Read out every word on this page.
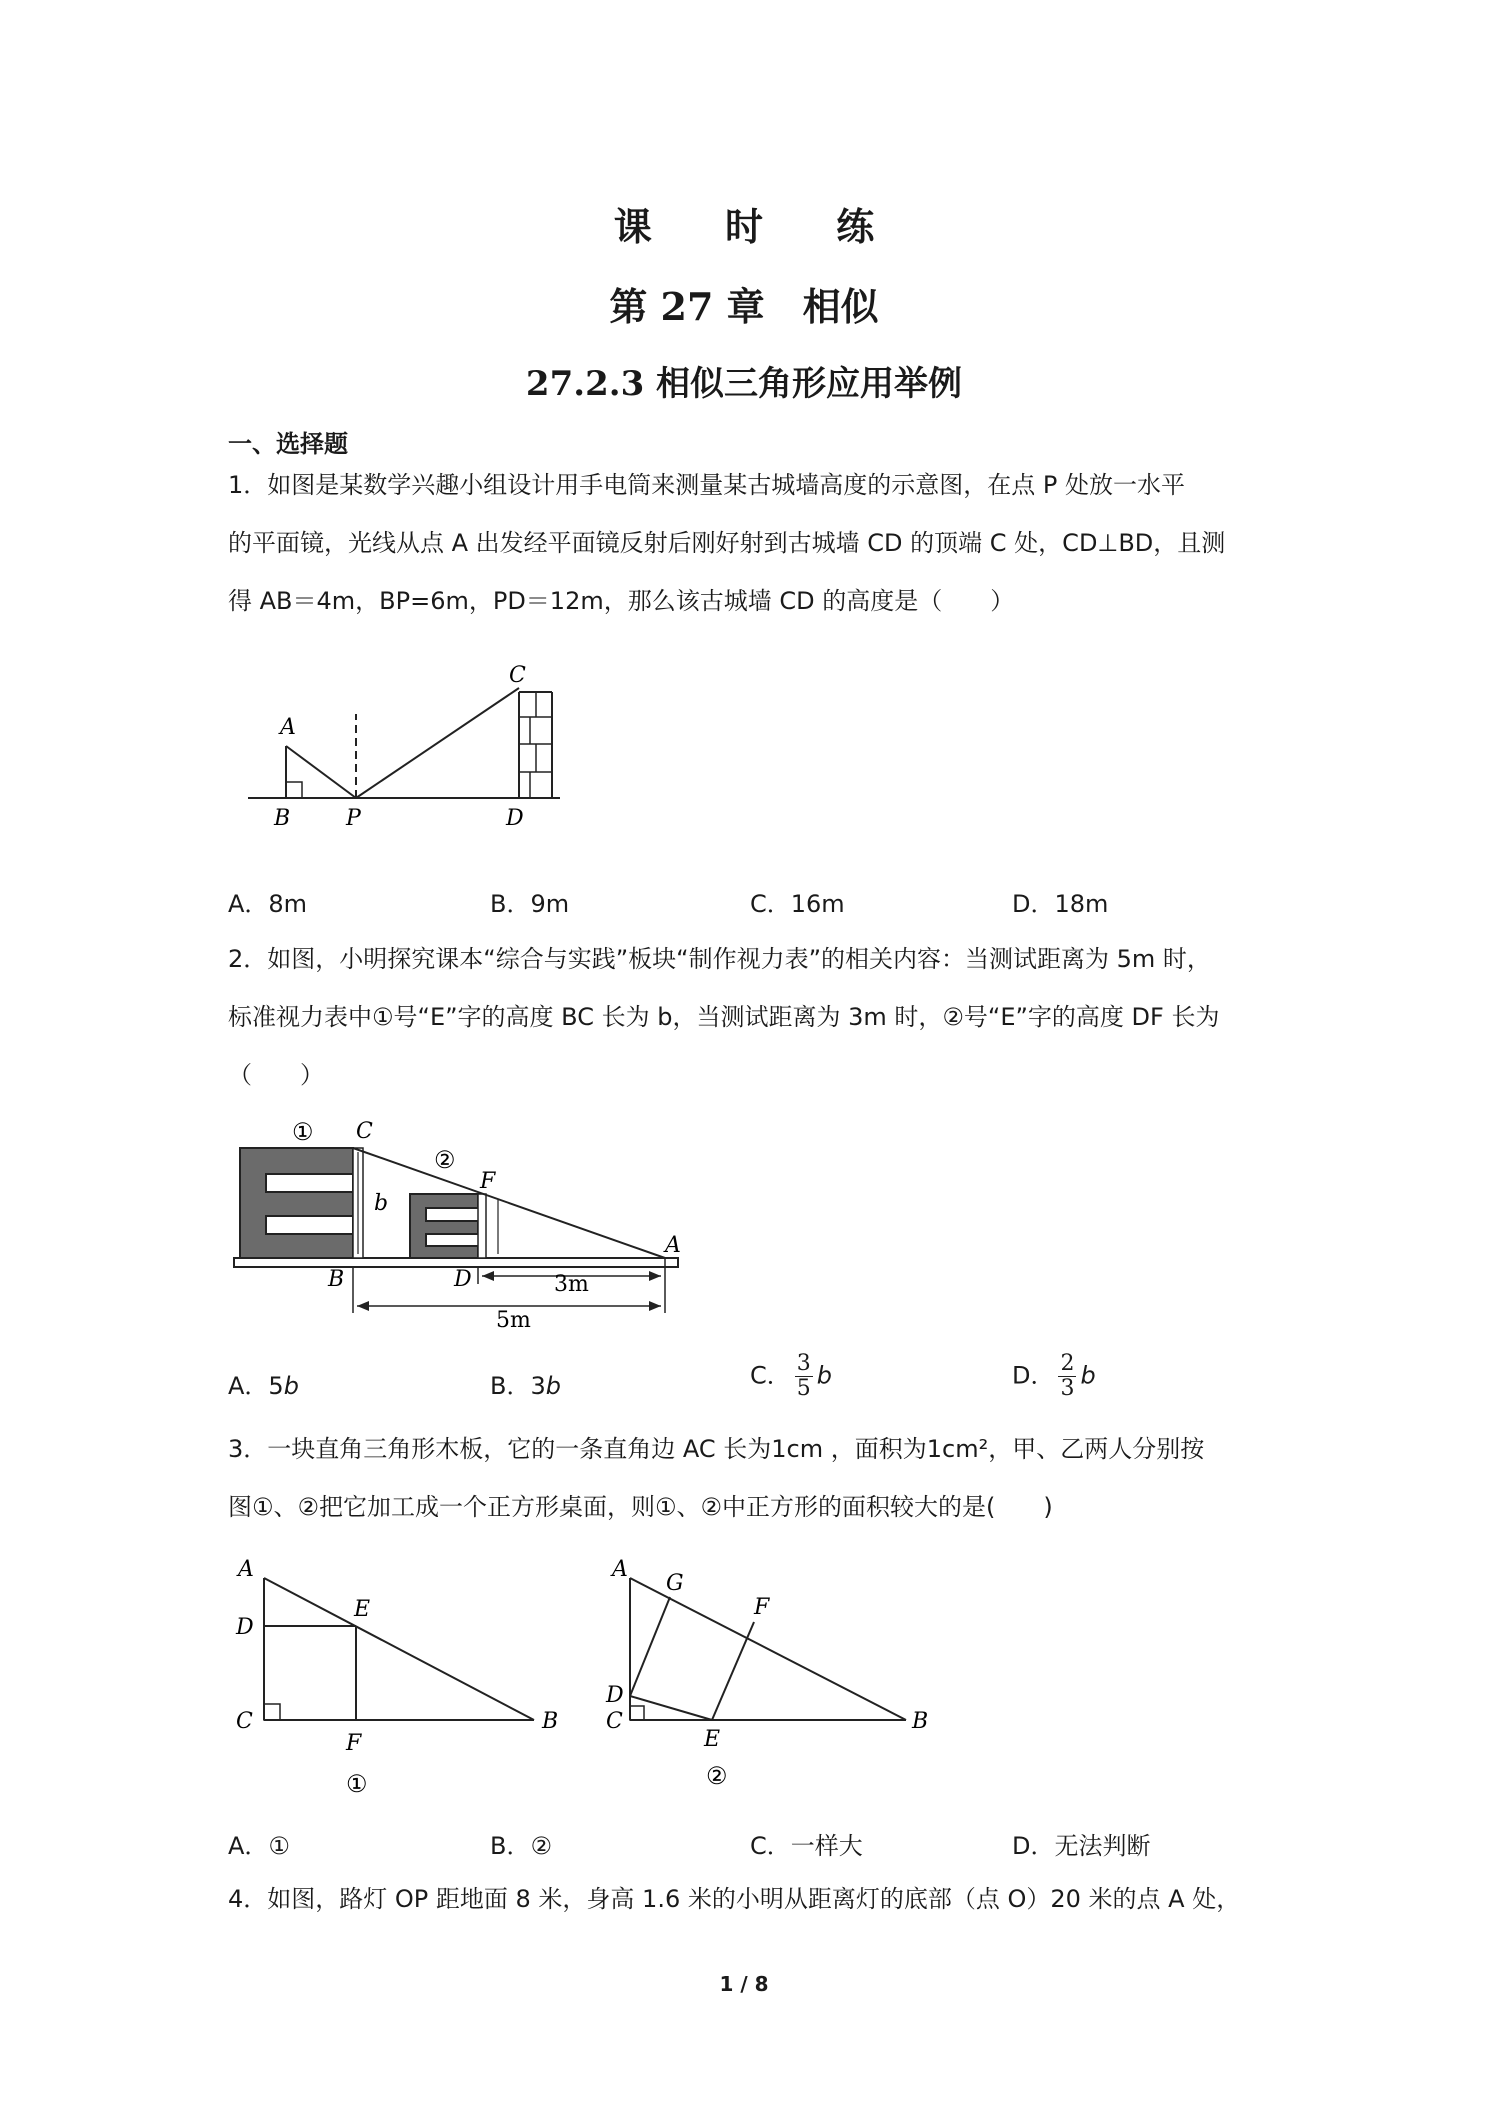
课 时 练
第 27 章　相似
27.2.3 相似三角形应用举例
一、选择题
1．如图是某数学兴趣小组设计用手电筒来测量某古城墙高度的示意图，在点 P 处放一水平
的平面镜，光线从点 A 出发经平面镜反射后刚好射到古城墙 CD 的顶端 C 处，CD⊥BD，且测
得 AB＝4m，BP=6m，PD＝12m，那么该古城墙 CD 的高度是（　　）
A
B	P
C
D
A．8m	B．9m	C．16m	D．18m
2．如图，小明探究课本“综合与实践”板块“制作视力表”的相关内容：当测试距离为 5m 时，
标准视力表中①号“E”字的高度 BC 长为 b，当测试距离为 3m 时，②号“E”字的高度 DF 长为
（　　）
① C
②
F
b
B	D
A
3m
5m
A．5b	B．3b	C． $\frac{3}{5}$ b	D． $\frac{2}{3}$ b
3．一块直角三角形木板，它的一条直角边 AC 长为1cm ，面积为1cm²，甲、乙两人分别按
图①、②把它加工成一个正方形桌面，则①、②中正方形的面积较大的是(　　)
A
D
E
C
F
B
①
A
G
F
D
C
E
B
②
A．①	B．②	C．一样大	D．无法判断
4．如图，路灯 OP 距地面 8 米，身高 1.6 米的小明从距离灯的底部（点 O）20 米的点 A 处，
1 / 8
